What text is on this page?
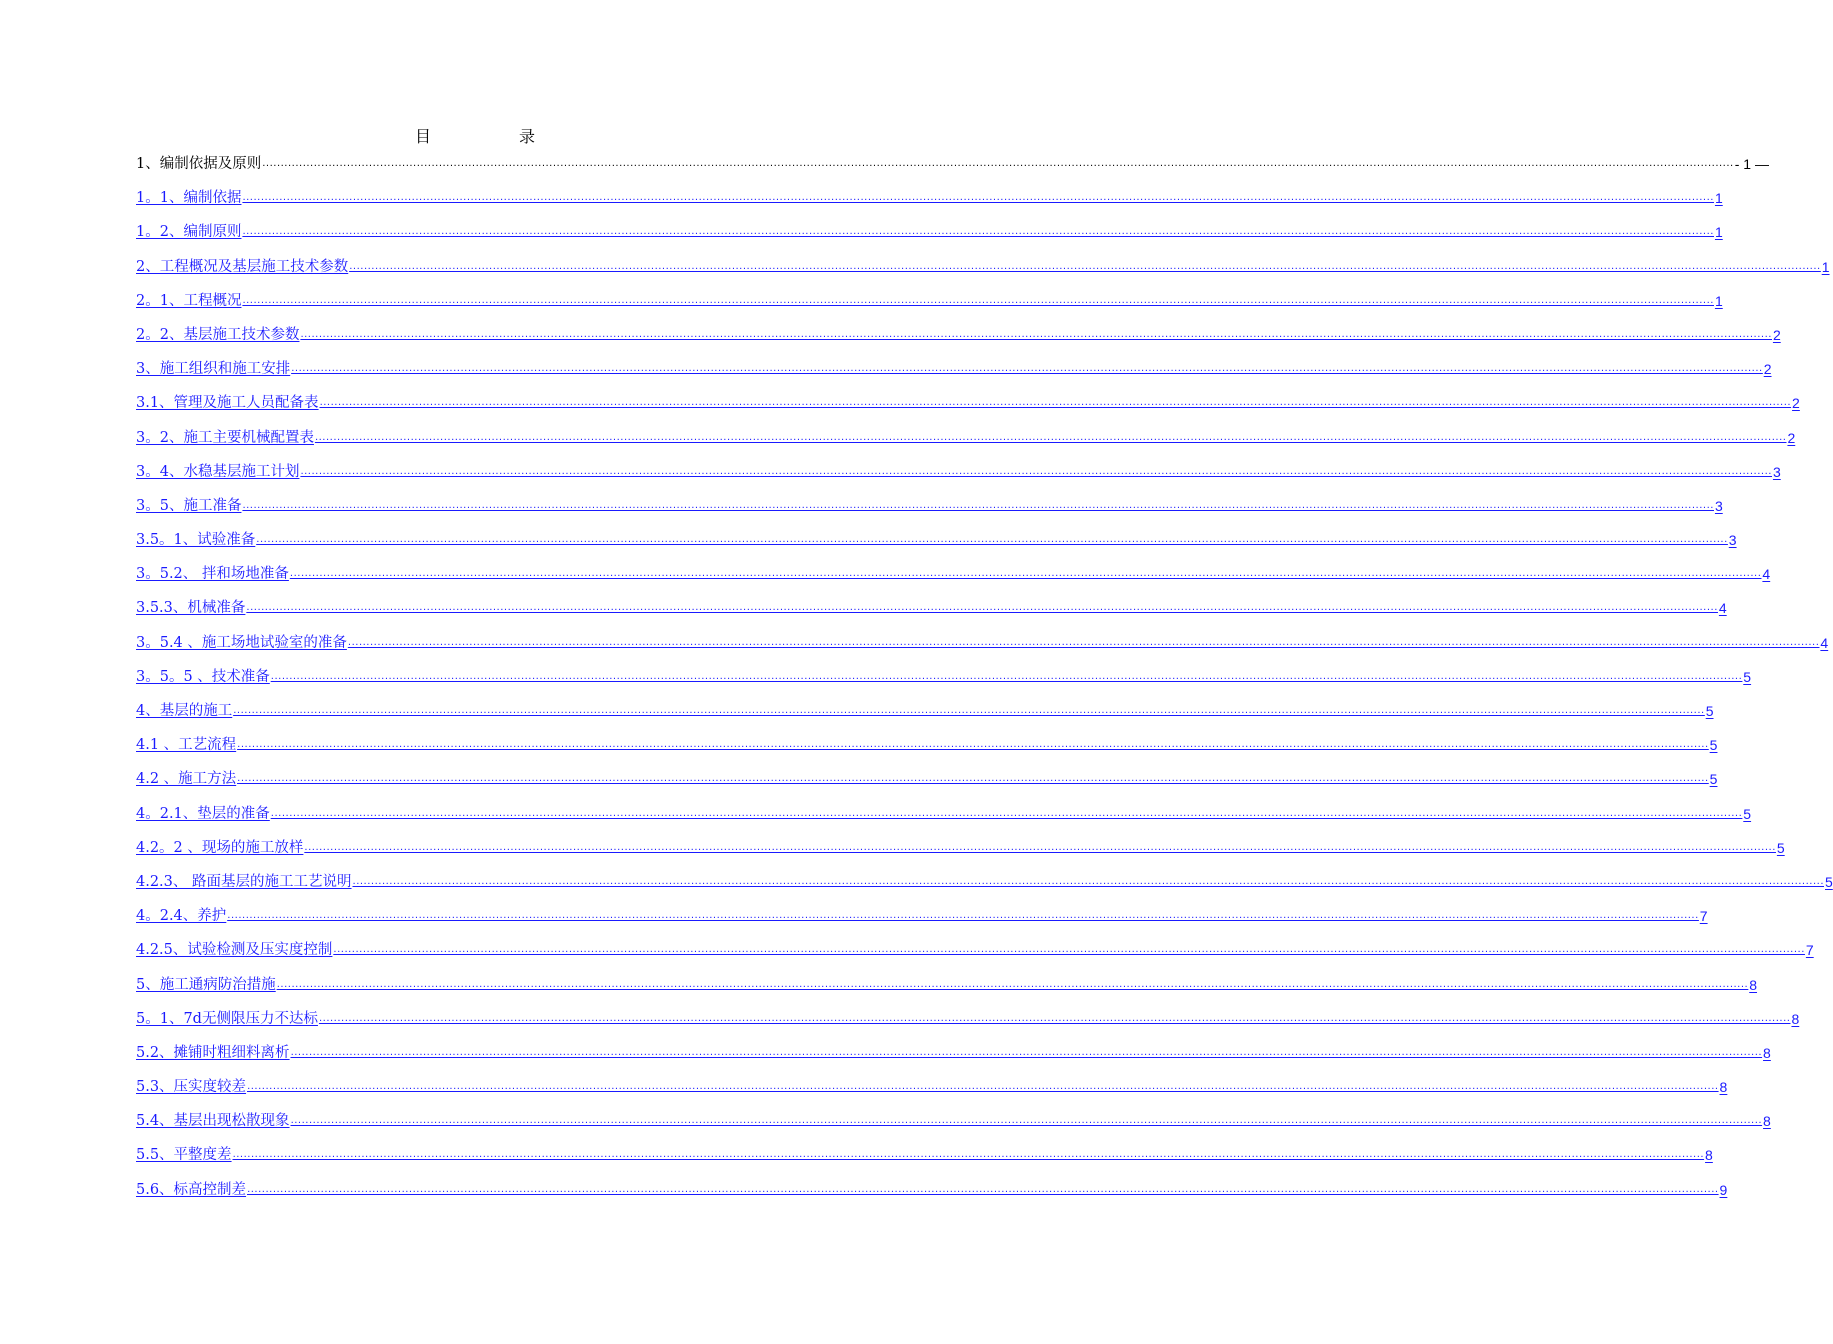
目	录
1、编制依据及原则 ................................................................................................................................................................................................................................................................................................................................................................................................................ - 1 —
1。1、编制依据 ................................................................................................................................................................................................................................................................................................................................................................................................................ 1
1。2、编制原则 ................................................................................................................................................................................................................................................................................................................................................................................................................ 1
2、工程概况及基层施工技术参数 ................................................................................................................................................................................................................................................................................................................................................................................................................ 1
2。1、工程概况 ................................................................................................................................................................................................................................................................................................................................................................................................................ 1
2。2、基层施工技术参数 ................................................................................................................................................................................................................................................................................................................................................................................................................ 2
3、施工组织和施工安排 ................................................................................................................................................................................................................................................................................................................................................................................................................ 2
3.1、管理及施工人员配备表 ................................................................................................................................................................................................................................................................................................................................................................................................................ 2
3。2、施工主要机械配置表 ................................................................................................................................................................................................................................................................................................................................................................................................................ 2
3。4、水稳基层施工计划 ................................................................................................................................................................................................................................................................................................................................................................................................................ 3
3。5、施工准备 ................................................................................................................................................................................................................................................................................................................................................................................................................ 3
3.5。1、试验准备 ................................................................................................................................................................................................................................................................................................................................................................................................................ 3
3。5.2、 拌和场地准备 ................................................................................................................................................................................................................................................................................................................................................................................................................ 4
3.5.3、机械准备 ................................................................................................................................................................................................................................................................................................................................................................................................................ 4
3。5.4 、施工场地试验室的准备 ................................................................................................................................................................................................................................................................................................................................................................................................................ 4
3。5。5 、技术准备 ................................................................................................................................................................................................................................................................................................................................................................................................................ 5
4、基层的施工 ................................................................................................................................................................................................................................................................................................................................................................................................................ 5
4.1 、工艺流程 ................................................................................................................................................................................................................................................................................................................................................................................................................ 5
4.2 、施工方法 ................................................................................................................................................................................................................................................................................................................................................................................................................ 5
4。2.1、垫层的准备 ................................................................................................................................................................................................................................................................................................................................................................................................................ 5
4.2。2 、现场的施工放样 ................................................................................................................................................................................................................................................................................................................................................................................................................ 5
4.2.3、 路面基层的施工工艺说明 ................................................................................................................................................................................................................................................................................................................................................................................................................ 5
4。2.4、养护 ................................................................................................................................................................................................................................................................................................................................................................................................................ 7
4.2.5、试验检测及压实度控制 ................................................................................................................................................................................................................................................................................................................................................................................................................ 7
5、施工通病防治措施 ................................................................................................................................................................................................................................................................................................................................................................................................................ 8
5。1、7d无侧限压力不达标 ................................................................................................................................................................................................................................................................................................................................................................................................................ 8
5.2、摊铺时粗细料离析 ................................................................................................................................................................................................................................................................................................................................................................................................................ 8
5.3、压实度较差 ................................................................................................................................................................................................................................................................................................................................................................................................................ 8
5.4、基层出现松散现象 ................................................................................................................................................................................................................................................................................................................................................................................................................ 8
5.5、平整度差 ................................................................................................................................................................................................................................................................................................................................................................................................................ 8
5.6、标高控制差 ................................................................................................................................................................................................................................................................................................................................................................................................................ 9
